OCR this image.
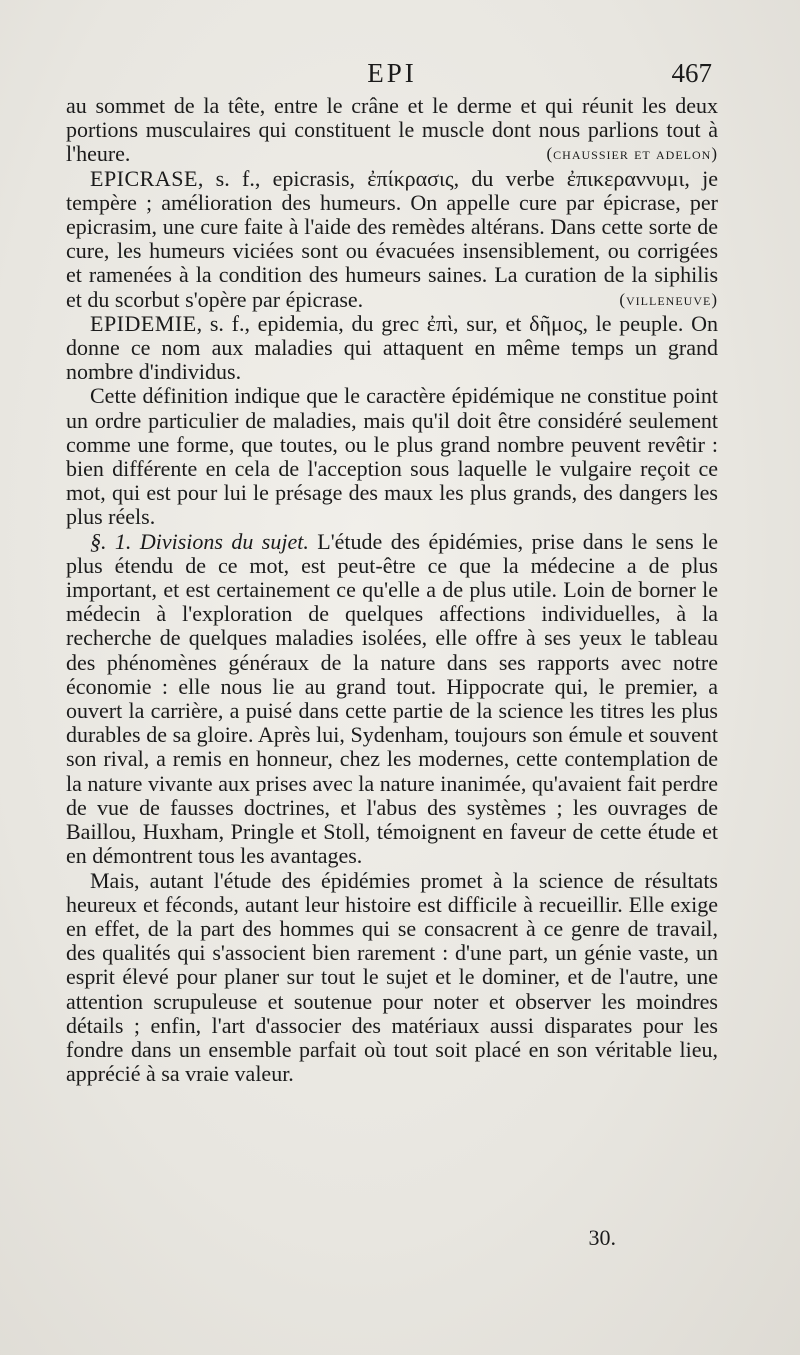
EPI	467

au sommet de la tête, entre le crâne et le derme et qui réunit les deux portions musculaires qui constituent le muscle dont nous parlions tout à l'heure.	(chaussier et adelon)

EPICRASE, s. f., epicrasis, ἐπίκρασις, du verbe ἐπικεραννυμι, je tempère ; amélioration des humeurs. On appelle cure par épicrase, per epicrasim, une cure faite à l'aide des remèdes altérans. Dans cette sorte de cure, les humeurs viciées sont ou évacuées insensiblement, ou corrigées et ramenées à la condition des humeurs saines. La curation de la siphilis et du scorbut s'opère par épicrase.	(villeneuve)

EPIDEMIE, s. f., epidemia, du grec ἐπὶ, sur, et δῆμος, le peuple. On donne ce nom aux maladies qui attaquent en même temps un grand nombre d'individus.

Cette définition indique que le caractère épidémique ne constitue point un ordre particulier de maladies, mais qu'il doit être considéré seulement comme une forme, que toutes, ou le plus grand nombre peuvent revêtir : bien différente en cela de l'acception sous laquelle le vulgaire reçoit ce mot, qui est pour lui le présage des maux les plus grands, des dangers les plus réels.

§. 1. Divisions du sujet. L'étude des épidémies, prise dans le sens le plus étendu de ce mot, est peut-être ce que la médecine a de plus important, et est certainement ce qu'elle a de plus utile. Loin de borner le médecin à l'exploration de quelques affections individuelles, à la recherche de quelques maladies isolées, elle offre à ses yeux le tableau des phénomènes généraux de la nature dans ses rapports avec notre économie : elle nous lie au grand tout. Hippocrate qui, le premier, a ouvert la carrière, a puisé dans cette partie de la science les titres les plus durables de sa gloire. Après lui, Sydenham, toujours son émule et souvent son rival, a remis en honneur, chez les modernes, cette contemplation de la nature vivante aux prises avec la nature inanimée, qu'avaient fait perdre de vue de fausses doctrines, et l'abus des systèmes ; les ouvrages de Baillou, Huxham, Pringle et Stoll, témoignent en faveur de cette étude et en démontrent tous les avantages.

Mais, autant l'étude des épidémies promet à la science de résultats heureux et féconds, autant leur histoire est difficile à recueillir. Elle exige en effet, de la part des hommes qui se consacrent à ce genre de travail, des qualités qui s'associent bien rarement : d'une part, un génie vaste, un esprit élevé pour planer sur tout le sujet et le dominer, et de l'autre, une attention scrupuleuse et soutenue pour noter et observer les moindres détails ; enfin, l'art d'associer des matériaux aussi disparates pour les fondre dans un ensemble parfait où tout soit placé en son véritable lieu, apprécié à sa vraie valeur.

30.
